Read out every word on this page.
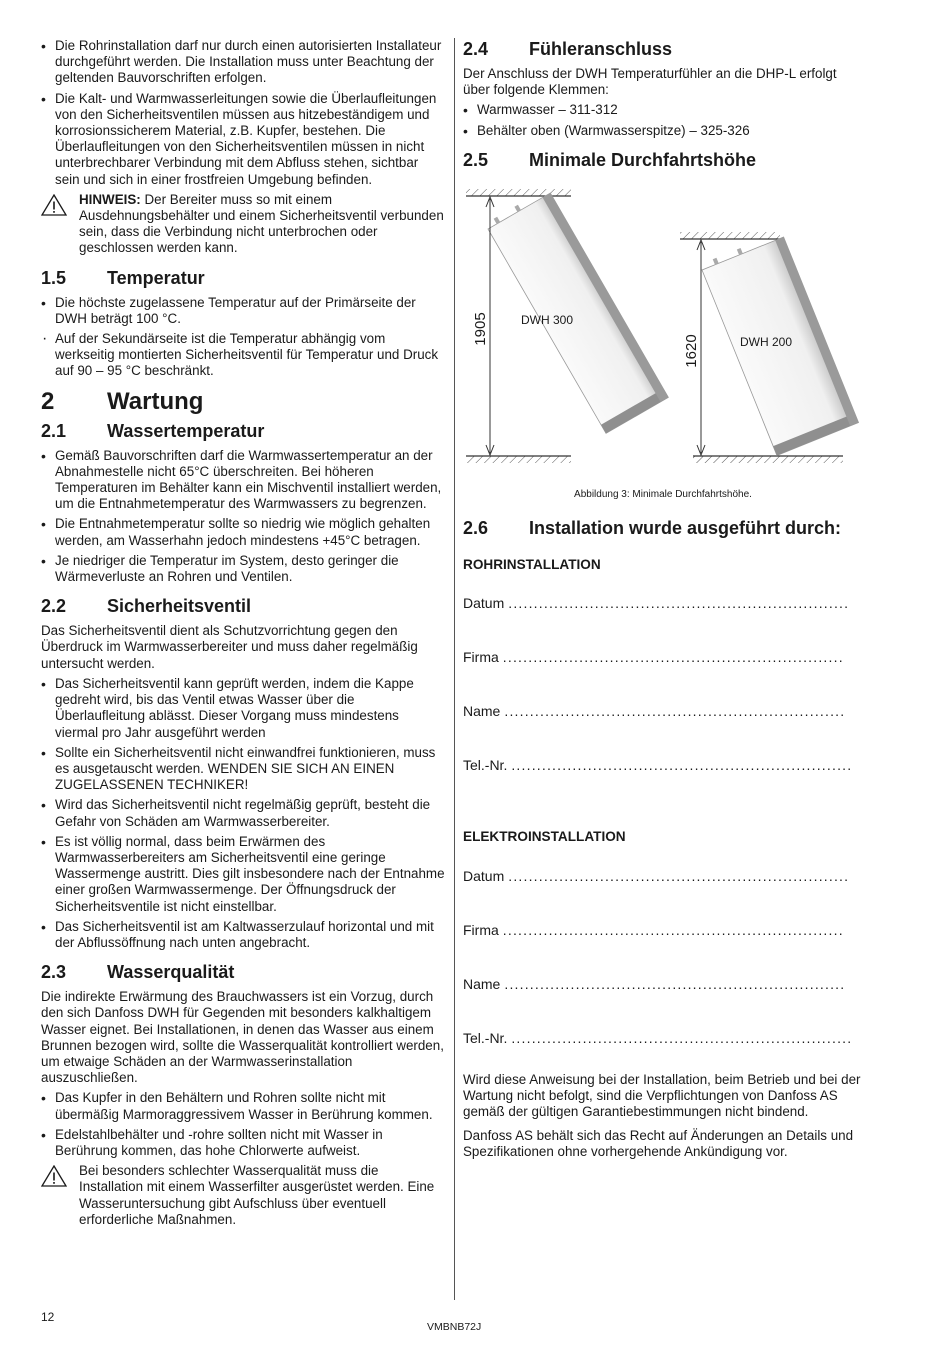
• Die Rohrinstallation darf nur durch einen autorisierten Installateur durchgeführt werden. Die Installation muss unter Beachtung der geltenden Bauvorschriften erfolgen.
• Die Kalt- und Warmwasserleitungen sowie die Überlaufleitungen von den Sicherheitsventilen müssen aus hitzebeständigem und korrosionssicherem Material, z.B. Kupfer, bestehen. Die Überlaufleitungen von den Sicherheitsventilen müssen in nicht unterbrechbarer Verbindung mit dem Abfluss stehen, sichtbar sein und sich in einer frostfreien Umgebung befinden.
HINWEIS: Der Bereiter muss so mit einem Ausdehnungsbehälter und einem Sicherheitsventil verbunden sein, dass die Verbindung nicht unterbrochen oder geschlossen werden kann.
1.5	Temperatur
• Die höchste zugelassene Temperatur auf der Primärseite der DWH beträgt 100 °C.
· Auf der Sekundärseite ist die Temperatur abhängig vom werkseitig montierten Sicherheitsventil für Temperatur und Druck auf 90 – 95 °C beschränkt.
2	Wartung
2.1	Wassertemperatur
• Gemäß Bauvorschriften darf die Warmwassertemperatur an der Abnahmestelle nicht 65°C überschreiten. Bei höheren Temperaturen im Behälter kann ein Mischventil installiert werden, um die Entnahmetemperatur des Warmwassers zu begrenzen.
• Die Entnahmetemperatur sollte so niedrig wie möglich gehalten werden, am Wasserhahn jedoch mindestens +45°C betragen.
• Je niedriger die Temperatur im System, desto geringer die Wärmeverluste an Rohren und Ventilen.
2.2	Sicherheitsventil

Das Sicherheitsventil dient als Schutzvorrichtung gegen den Überdruck im Warmwasserbereiter und muss daher regelmäßig untersucht werden.

• Das Sicherheitsventil kann geprüft werden, indem die Kappe gedreht wird, bis das Ventil etwas Wasser über die Überlaufleitung ablässt. Dieser Vorgang muss mindestens viermal pro Jahr ausgeführt werden
• Sollte ein Sicherheitsventil nicht einwandfrei funktionieren, muss es ausgetauscht werden. WENDEN SIE SICH AN EINEN ZUGELASSENEN TECHNIKER!
• Wird das Sicherheitsventil nicht regelmäßig geprüft, besteht die Gefahr von Schäden am Warmwasserbereiter.
• Es ist völlig normal, dass beim Erwärmen des Warmwasserbereiters am Sicherheitsventil eine geringe Wassermenge austritt. Dies gilt insbesondere nach der Entnahme einer großen Warmwassermenge. Der Öffnungsdruck der Sicherheitsventile ist nicht einstellbar.
• Das Sicherheitsventil ist am Kaltwasserzulauf horizontal und mit der Abflussöffnung nach unten angebracht.
2.3	Wasserqualität

Die indirekte Erwärmung des Brauchwassers ist ein Vorzug, durch den sich Danfoss DWH für Gegenden mit besonders kalkhaltigem Wasser eignet. Bei Installationen, in denen das Wasser aus einem Brunnen bezogen wird, sollte die Wasserqualität kontrolliert werden, um etwaige Schäden an der Warmwasserinstallation auszuschließen.

• Das Kupfer in den Behältern und Rohren sollte nicht mit übermäßig Marmoraggressivem Wasser in Berührung kommen.
• Edelstahlbehälter und -rohre sollten nicht mit Wasser in Berührung kommen, das hohe Chlorwerte aufweist.
Bei besonders schlechter Wasserqualität muss die Installation mit einem Wasserfilter ausgerüstet werden. Eine Wasseruntersuchung gibt Aufschluss über eventuell erforderliche Maßnahmen.
2.4	Fühleranschluss

Der Anschluss der DWH Temperaturfühler an die DHP-L erfolgt über folgende Klemmen:

• Warmwasser – 311-312
• Behälter oben (Warmwasserspitze) – 325-326
2.5	Minimale Durchfahrtshöhe
1905	DWH 300
1620	DWH 200
Abbildung 3: Minimale Durchfahrtshöhe.
2.6	Installation wurde ausgeführt durch:
ROHRINSTALLATION
Datum ...................................................................
Firma ...................................................................
Name ...................................................................
Tel.-Nr. ...................................................................
ELEKTROINSTALLATION
Datum ...................................................................
Firma ...................................................................
Name ...................................................................
Tel.-Nr. ...................................................................

Wird diese Anweisung bei der Installation, beim Betrieb und bei der Wartung nicht befolgt, sind die Verpflichtungen von Danfoss AS gemäß der gültigen Garantiebestimmungen nicht bindend.

Danfoss AS behält sich das Recht auf Änderungen an Details und Spezifikationen ohne vorhergehende Ankündigung vor.

12
VMBNB72J
